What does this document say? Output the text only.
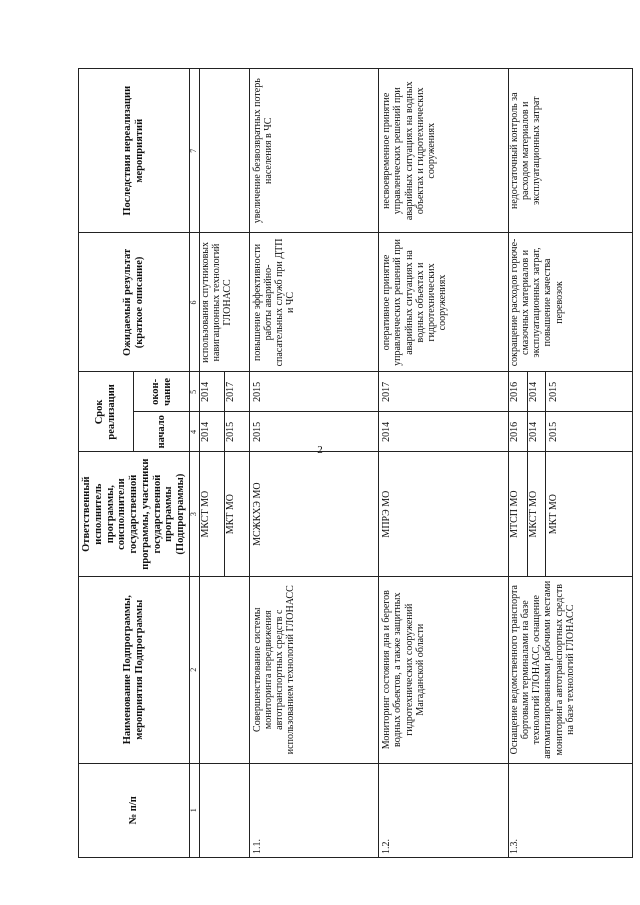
2
№ п/п	Наименование Подпрограммы, мероприятия Подпрограммы	Ответственный исполнитель программы, соисполнители государственной программы, участники государственной программы (Подпрограммы)	Срок реализации		Ожидаемый результат (краткое описание)	Последствия нереализации мероприятий
			начало	окон-чание		
1	2	3	4	5	6	7
		МКСТ МО	2014	2014	использования спутниковых навигационных технологий ГЛОНАСС	
		МКТ МО	2015	2017		
1.1.	Совершенствование системы мониторинга передвижения автотранспортных средств с использованием технологий ГЛОНАСС	МСЖКХЭ МО	2015	2015	повышение эффективности работы аварийно-спасательных служб при ДТП и ЧС	увеличение безвозвратных потерь населения в ЧС
1.2.	Мониторинг состояния дна и берегов водных объектов, а также защитных гидротехнических сооружений Магаданской области	МПРЭ МО	2014	2017	оперативное принятие управленческих решений при аварийных ситуациях на водных объектах и гидротехнических сооружениях	несвоевременное принятие управленческих решений при аварийных ситуациях на водных объектах и гидротехнических сооружениях
1.3.	Оснащение ведомственного транспорта бортовыми терминалами на базе технологий ГЛОНАСС, оснащение автоматизированными рабочими местами мониторинга автотранспортных средств на базе технологий ГЛОНАСС	МТСП МО	2016	2016	сокращение расходов горюче-смазочных материалов и эксплуатационных затрат, повышение качества перевозок	недостаточный контроль за расходом материалов и эксплуатационных затрат
		МКСТ МО	2014	2014		
		МКТ МО	2015	2015		
